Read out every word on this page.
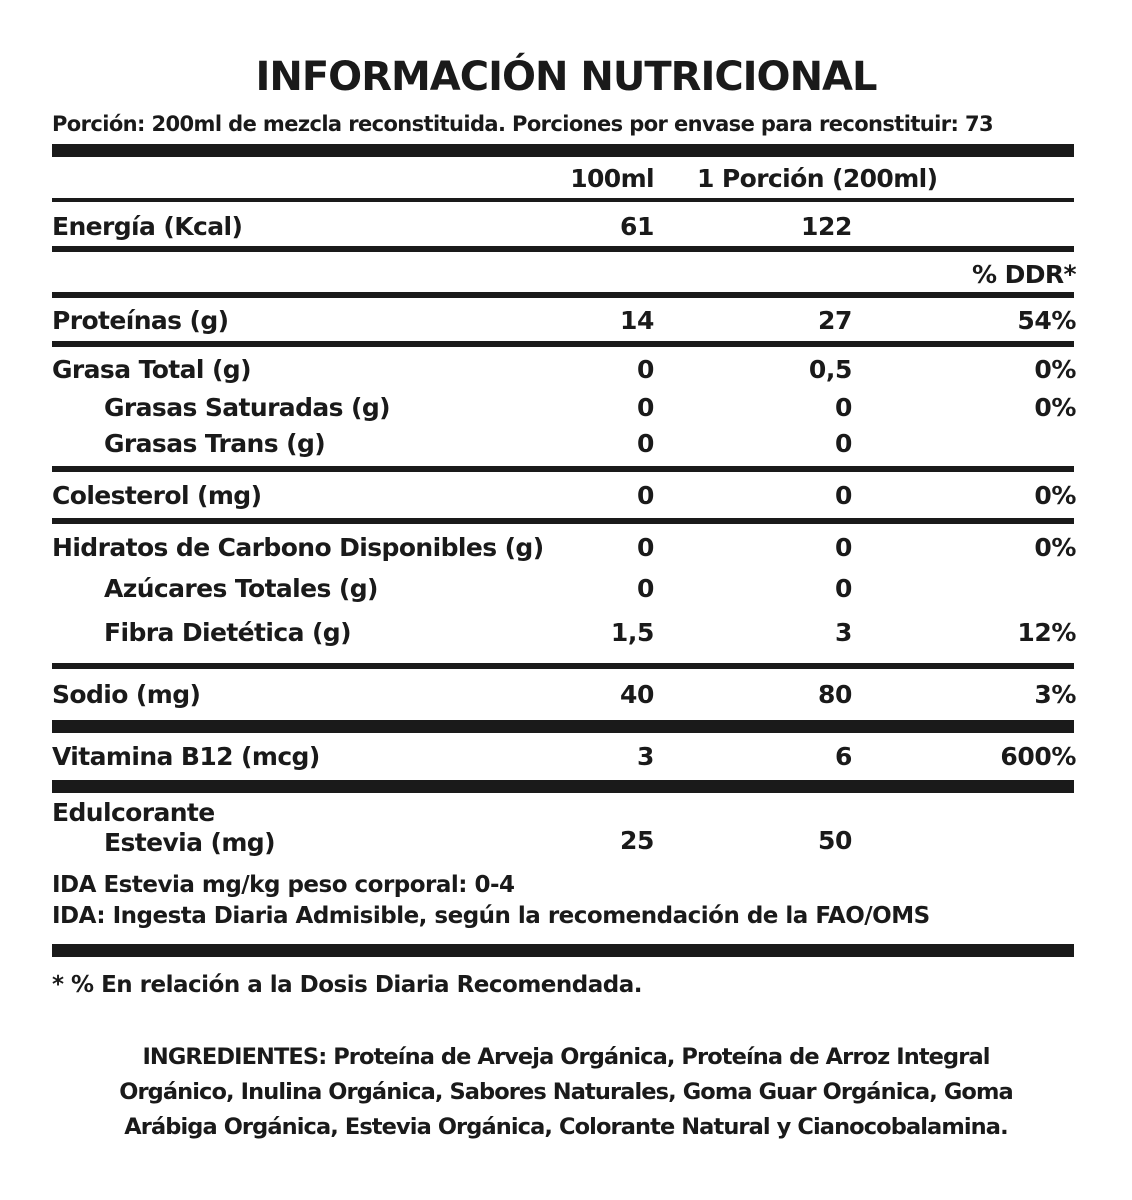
INFORMACIÓN NUTRICIONAL
Porción: 200ml de mezcla reconstituida. Porciones por envase para reconstituir: 73
100ml 1 Porción (200ml)
Energía (Kcal)	61	122
% DDR*
Proteínas (g)	14	27	54%
Grasa Total (g)	0	0,5	0%
Grasas Saturadas (g)	0	0	0%
Grasas Trans (g)	0	0
Colesterol (mg)	0	0	0%
Hidratos de Carbono Disponibles (g)	0	0	0%
Azúcares Totales (g)	0	0
Fibra Dietética (g)	1,5	3	12%
Sodio (mg)	40	80	3%
Vitamina B12 (mcg)	3	6	600%
Edulcorante
Estevia (mg)	25	50
IDA Estevia mg/kg peso corporal: 0-4
IDA: Ingesta Diaria Admisible, según la recomendación de la FAO/OMS
* % En relación a la Dosis Diaria Recomendada.
INGREDIENTES: Proteína de Arveja Orgánica, Proteína de Arroz Integral
Orgánico, Inulina Orgánica, Sabores Naturales, Goma Guar Orgánica, Goma
Arábiga Orgánica, Estevia Orgánica, Colorante Natural y Cianocobalamina.
